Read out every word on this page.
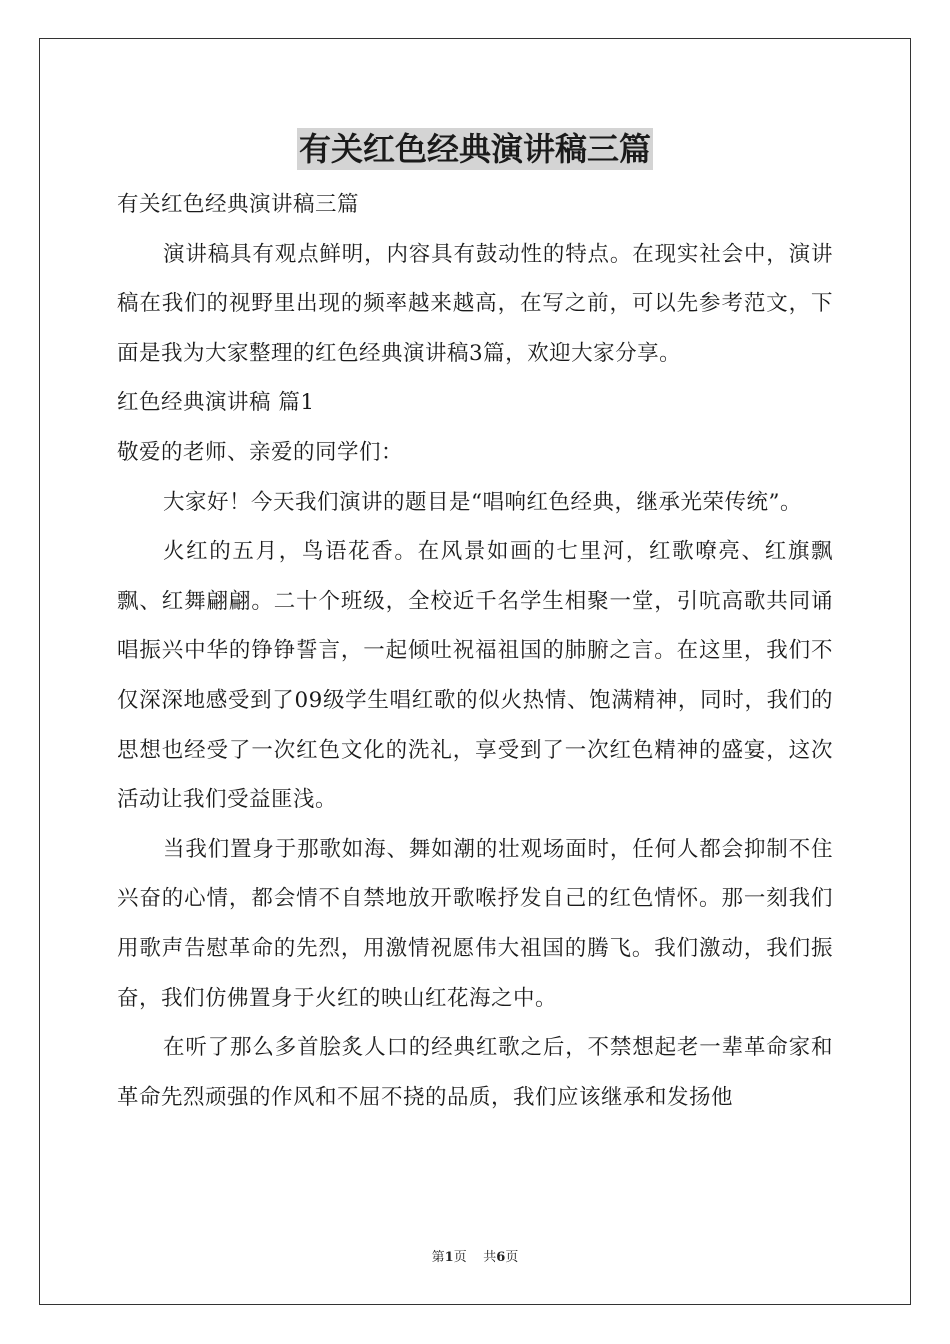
有关红色经典演讲稿三篇

有关红色经典演讲稿三篇

演讲稿具有观点鲜明，内容具有鼓动性的特点。在现实社会中，演讲稿在我们的视野里出现的频率越来越高，在写之前，可以先参考范文，下面是我为大家整理的红色经典演讲稿3篇，欢迎大家分享。

红色经典演讲稿 篇1

敬爱的老师、亲爱的同学们：

大家好！今天我们演讲的题目是“唱响红色经典，继承光荣传统”。

火红的五月，鸟语花香。在风景如画的七里河，红歌嘹亮、红旗飘飘、红舞翩翩。二十个班级，全校近千名学生相聚一堂，引吭高歌共同诵唱振兴中华的铮铮誓言，一起倾吐祝福祖国的肺腑之言。在这里，我们不仅深深地感受到了09级学生唱红歌的似火热情、饱满精神，同时，我们的思想也经受了一次红色文化的洗礼，享受到了一次红色精神的盛宴，这次活动让我们受益匪浅。

当我们置身于那歌如海、舞如潮的壮观场面时，任何人都会抑制不住兴奋的心情，都会情不自禁地放开歌喉抒发自己的红色情怀。那一刻我们用歌声告慰革命的先烈，用激情祝愿伟大祖国的腾飞。我们激动，我们振奋，我们仿佛置身于火红的映山红花海之中。

在听了那么多首脍炙人口的经典红歌之后，不禁想起老一辈革命家和革命先烈顽强的作风和不屈不挠的品质，我们应该继承和发扬他

第1页 共6页
